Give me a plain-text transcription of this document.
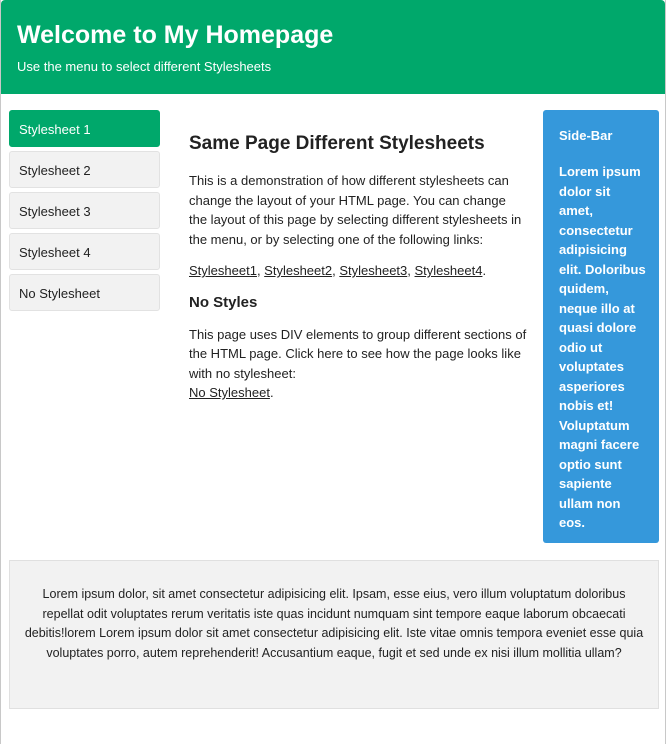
Welcome to My Homepage

Use the menu to select different Stylesheets

Stylesheet 1
Stylesheet 2
Stylesheet 3
Stylesheet 4
No Stylesheet
Same Page Different Stylesheets

This is a demonstration of how different stylesheets can change the layout of your HTML page. You can change the layout of this page by selecting different stylesheets in the menu, or by selecting one of the following links:

Stylesheet1, Stylesheet2, Stylesheet3, Stylesheet4.

No Styles

This page uses DIV elements to group different sections of the HTML page. Click here to see how the page looks like with no stylesheet:
No Stylesheet.

Side-Bar

Lorem ipsum dolor sit amet, consectetur adipisicing elit. Doloribus quidem, neque illo at quasi dolore odio ut voluptates asperiores nobis et! Voluptatum magni facere optio sunt sapiente ullam non eos.

Lorem ipsum dolor, sit amet consectetur adipisicing elit. Ipsam, esse eius, vero illum voluptatum doloribus repellat odit voluptates rerum veritatis iste quas incidunt numquam sint tempore eaque laborum obcaecati debitis!lorem Lorem ipsum dolor sit amet consectetur adipisicing elit. Iste vitae omnis tempora eveniet esse quia voluptates porro, autem reprehenderit! Accusantium eaque, fugit et sed unde ex nisi illum mollitia ullam?
